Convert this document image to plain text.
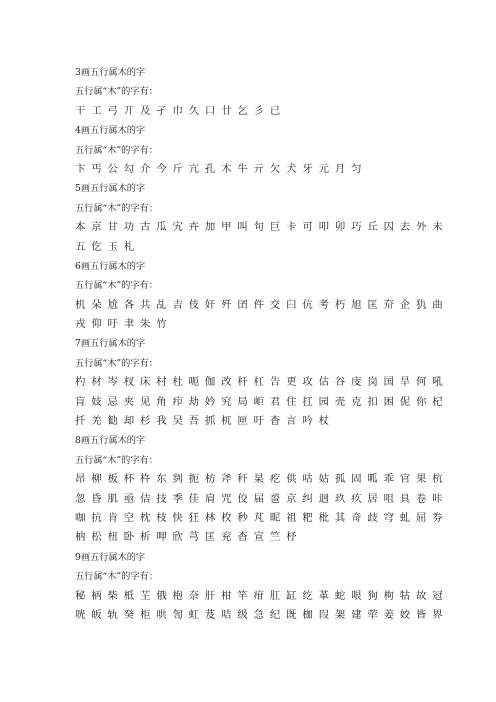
3画五行属木的字
五行属“木”的字有：
干工弓丌及孑巾久口廿乞彡已
4画五行属木的字
五行属“木”的字有：
卞丐公勾介今斤亢孔木牛亓欠犬牙元月匀
5画五行属木的字
五行属“木”的字有：
本京甘功古瓜宄卉加甲叫句巨卡可叩卯巧丘囚去外未
五仡玉札
6画五行属木的字
五行属“木”的字有：
机朵尬各共乩吉伎奸歼囝件交臼伉考朽旭匡夼企犰曲
戎仰吁聿朱竹
7画五行属木的字
五行属“木”的字有：
杓材岑杈床村杜呃伽改杆杠告更攻估谷庋岗国旱何吼
肓妓忌夹见角疖劫妗究局岠君住扛园壳克扣困伲你杞
扦羌勧却杉我吴吾抓杌匣吁杳言吟杖
8画五行属木的字
五行属“木”的字有：
昂柳板杯杵东刿扼枋斧秆杲疙供咕姑孤固呱乖官果杭
忽昏肌亟佶技季佳肩咒佼届巹京纠迥玖疚居咀具卷咔
咖抗肯空枕枝快狂林枚秒芃昵祖粑枇其奇歧穹虬屈券
枘松杻卧析呷欣芎匡兖杳宣竺杼
9画五行属木的字
五行属“木”的字有：
秘柄柴柢芏俄枹奈肝柑竿疳肛缸纥革蛇哏狗枸牯故冠
咣皈轨癸柜哄訇虹芨咭级急纪既枷叚架建荦姜姣皆界
